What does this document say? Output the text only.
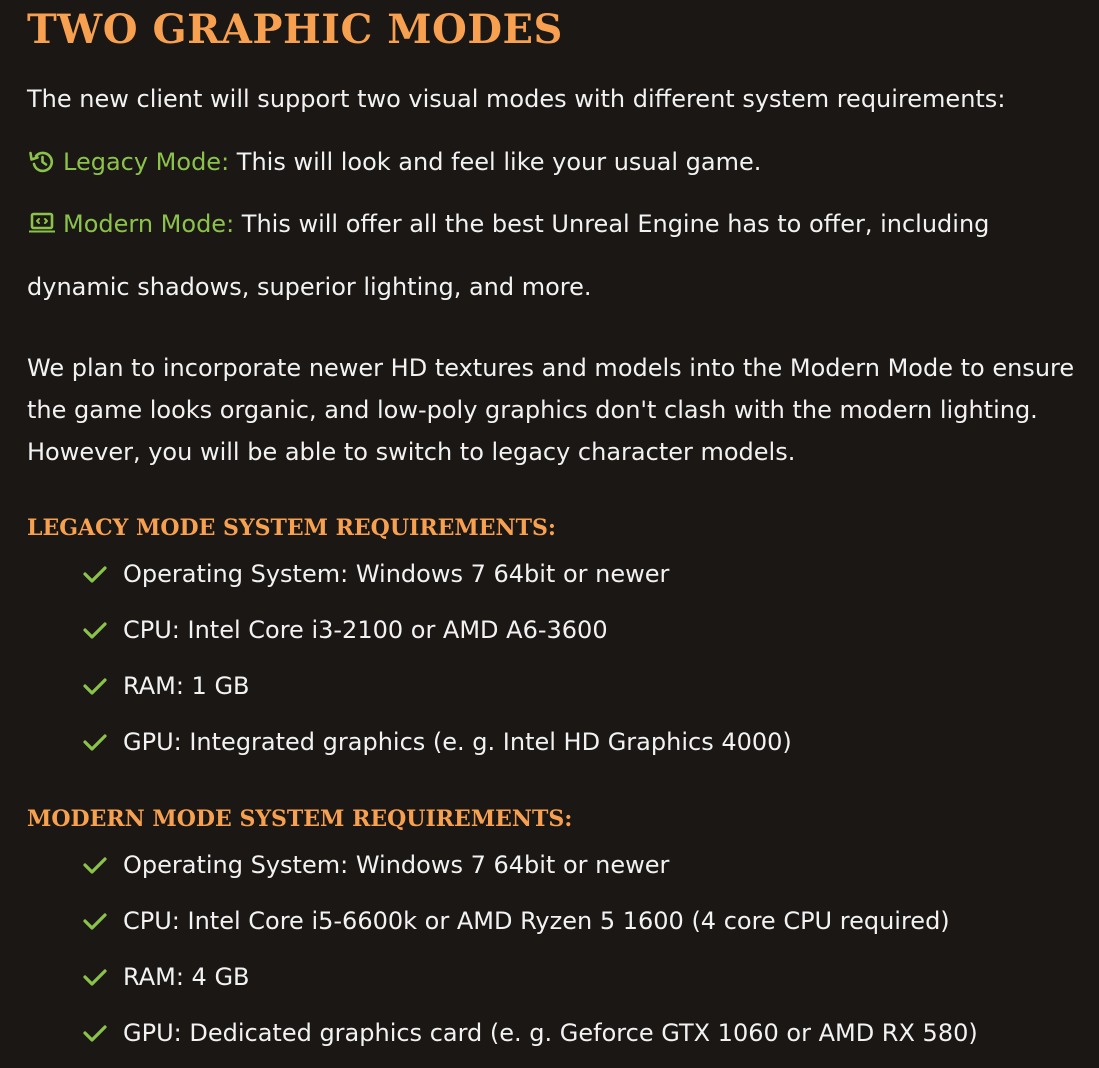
TWO GRAPHIC MODES

The new client will support two visual modes with different system requirements:

Legacy Mode: This will look and feel like your usual game.

Modern Mode: This will offer all the best Unreal Engine has to offer, including

dynamic shadows, superior lighting, and more.

We plan to incorporate newer HD textures and models into the Modern Mode to ensure the game looks organic, and low-poly graphics don't clash with the modern lighting. However, you will be able to switch to legacy character models.

LEGACY MODE SYSTEM REQUIREMENTS:
Operating System: Windows 7 64bit or newer
CPU: Intel Core i3-2100 or AMD A6-3600
RAM: 1 GB
GPU: Integrated graphics (e. g. Intel HD Graphics 4000)
MODERN MODE SYSTEM REQUIREMENTS:
Operating System: Windows 7 64bit or newer
CPU: Intel Core i5-6600k or AMD Ryzen 5 1600 (4 core CPU required)
RAM: 4 GB
GPU: Dedicated graphics card (e. g. Geforce GTX 1060 or AMD RX 580)
